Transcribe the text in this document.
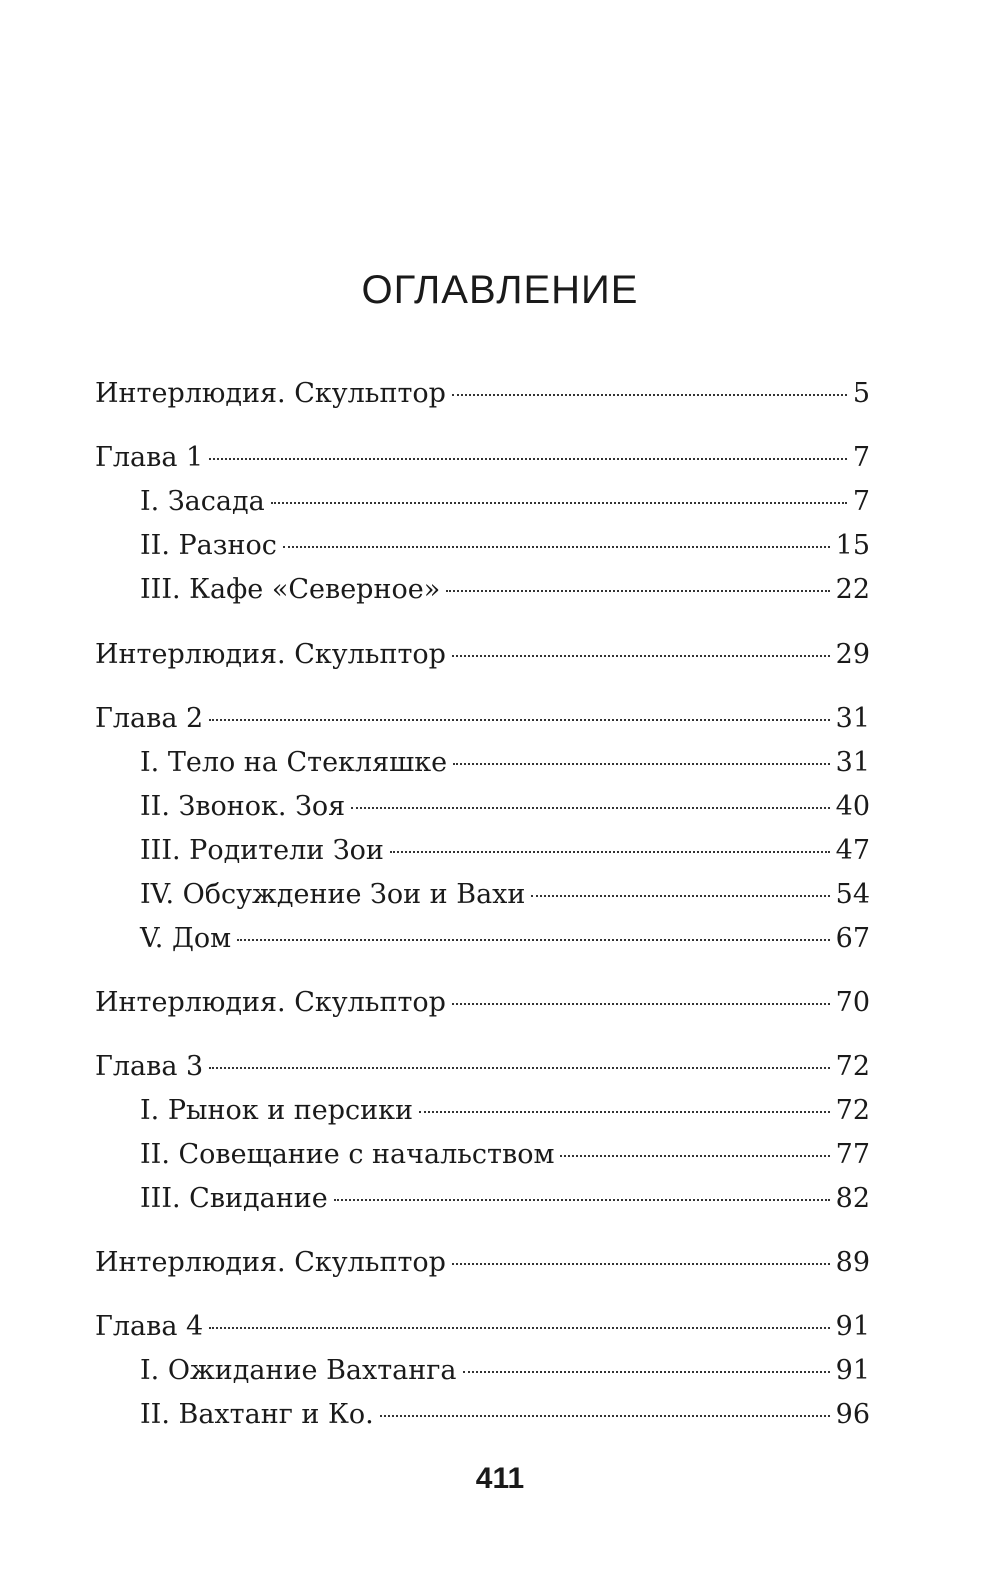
ОГЛАВЛЕНИЕ
Интерлюдия. Скульптор	5
Глава 1	7
I. Засада	7
II. Разнос	15
III. Кафе «Северное»	22
Интерлюдия. Скульптор	29
Глава 2	31
I. Тело на Стекляшке	31
II. Звонок. Зоя	40
III. Родители Зои	47
IV. Обсуждение Зои и Вахи	54
V. Дом	67
Интерлюдия. Скульптор	70
Глава 3	72
I. Рынок и персики	72
II. Совещание с начальством	77
III. Свидание	82
Интерлюдия. Скульптор	89
Глава 4	91
I. Ожидание Вахтанга	91
II. Вахтанг и Ко.	96
411
